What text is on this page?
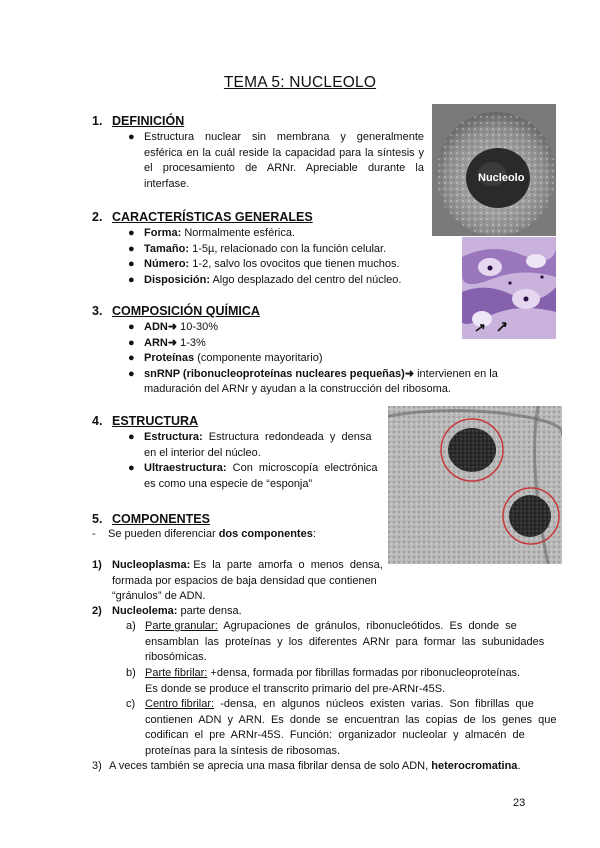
TEMA 5: NUCLEOLO
1. DEFINICIÓN
● Estructura nuclear sin membrana y generalmente
esférica en la cuál reside la capacidad para la síntesis y
el procesamiento de ARNr. Apreciable durante la
interfase.	Nucleolo
2. CARACTERÍSTICAS GENERALES
● Forma: Normalmente esférica.
● Tamaño: 1-5µ, relacionado con la función celular.
● Número: 1-2, salvo los ovocitos que tienen muchos.
● Disposición: Algo desplazado del centro del núcleo.
3. COMPOSICIÓN QUÍMICA
● ADN➜ 10-30%
● ARN➜ 1-3%
● Proteínas (componente mayoritario)
● snRNP (ribonucleoproteínas nucleares pequeñas)➜ intervienen en la
maduración del ARNr y ayudan a la construcción del ribosoma.
4. ESTRUCTURA
● Estructura:  Estructura  redondeada  y  densa
en el interior del núcleo.
● Ultraestructura:  Con  microscopía  electrónica
es como una especie de “esponja”
5. COMPONENTES
- Se pueden diferenciar dos componentes:
1) Nucleoplasma: Es  la  parte  amorfa  o  menos  densa,
formada por espacios de baja densidad que contienen
“gránulos” de ADN.
2) Nucleolema: parte densa.
a) Parte granular:  Agrupaciones  de  gránulos,  ribonucleótidos.  Es  donde  se
ensamblan  las  proteínas  y  los  diferentes  ARNr  para  formar  las  subunidades
ribosómicas.
b) Parte fibrilar: +densa, formada por fibrillas formadas por ribonucleoproteínas.
Es donde se produce el transcrito primario del pre-ARNr-45S.
c) Centro fibrilar:  -densa,  en  algunos  núcleos  existen  varias.  Son  fibrillas  que
contienen  ADN  y  ARN.  Es  donde  se  encuentran  las  copias  de  los  genes  que
codifican  el  pre  ARNr-45S.  Función:  organizador  nucleolar  y  almacén  de
proteínas para la síntesis de ribosomas.
3) A veces también se aprecia una masa fibrilar densa de solo ADN, heterocromatina.
23
